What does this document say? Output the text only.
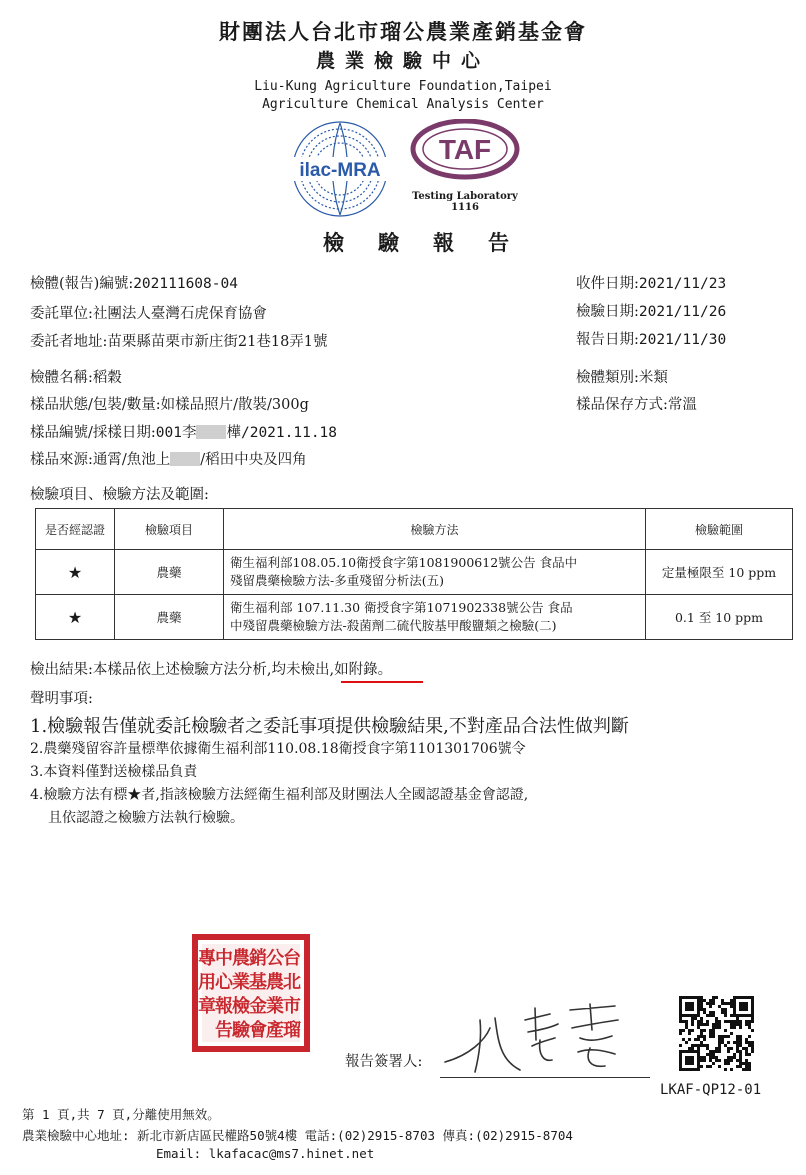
財團法人台北市瑠公農業產銷基金會
農業檢驗中心
Liu-Kung Agriculture Foundation,Taipei
Agriculture Chemical Analysis Center
ilac-MRA
TAF
Testing Laboratory
1116
檢驗報告
檢體(報告)編號:202111608-04
委託單位:社團法人臺灣石虎保育協會
委託者地址:苗栗縣苗栗市新庄街21巷18弄1號
檢體名稱:稻穀
樣品狀態/包裝/數量:如樣品照片/散裝/300g
樣品編號/採樣日期:001李 樺/2021.11.18
樣品來源:通霄/魚池上 /稻田中央及四角
收件日期:2021/11/23
檢驗日期:2021/11/26
報告日期:2021/11/30
檢體類別:米類
樣品保存方式:常溫
檢驗項目、檢驗方法及範圍:
是否經認證	檢驗項目	檢驗方法	檢驗範圍
★	農藥	衛生福利部108.05.10衛授食字第1081900612號公告 食品中
殘留農藥檢驗方法-多重殘留分析法(五)	定量極限至 10 ppm
★	農藥	衛生福利部 107.11.30 衛授食字第1071902338號公告 食品
中殘留農藥檢驗方法-殺菌劑二硫代胺基甲酸鹽類之檢驗(二)	0.1 至 10 ppm
檢出結果:本樣品依上述檢驗方法分析,均未檢出,如附錄。
聲明事項:
1.檢驗報告僅就委託檢驗者之委託事項提供檢驗結果,不對產品合法性做判斷
2.農藥殘留容許量標準依據衛生福利部110.08.18衛授食字第1101301706號令
3.本資料僅對送檢樣品負責
4.檢驗方法有標★者,指該檢驗方法經衛生福利部及財團法人全國認證基金會認證,
且依認證之檢驗方法執行檢驗。
台
北
市
瑠
公
農
業
產
銷
基
金
會
農
業
檢
驗
中
心
報
告
專
用
章
報告簽署人:
LKAF-QP12-01
第 1 頁,共 7 頁,分離使用無效。
農業檢驗中心地址: 新北市新店區民權路50號4樓 電話:(02)2915-8703 傳真:(02)2915-8704
Email: lkafacac@ms7.hinet.net
